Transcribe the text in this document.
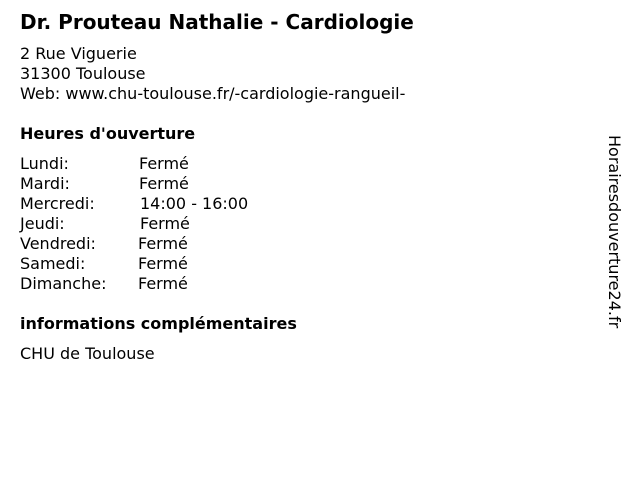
Dr. Prouteau Nathalie - Cardiologie
2 Rue Viguerie
31300 Toulouse
Web: www.chu-toulouse.fr/-cardiologie-rangueil-
Heures d'ouverture
Lundi:	Fermé
Mardi:	Fermé
Mercredi:	14:00 - 16:00
Jeudi:	Fermé
Vendredi:	Fermé
Samedi:	Fermé
Dimanche: Fermé
informations complémentaires
CHU de Toulouse
Horairesdouverture24.fr
